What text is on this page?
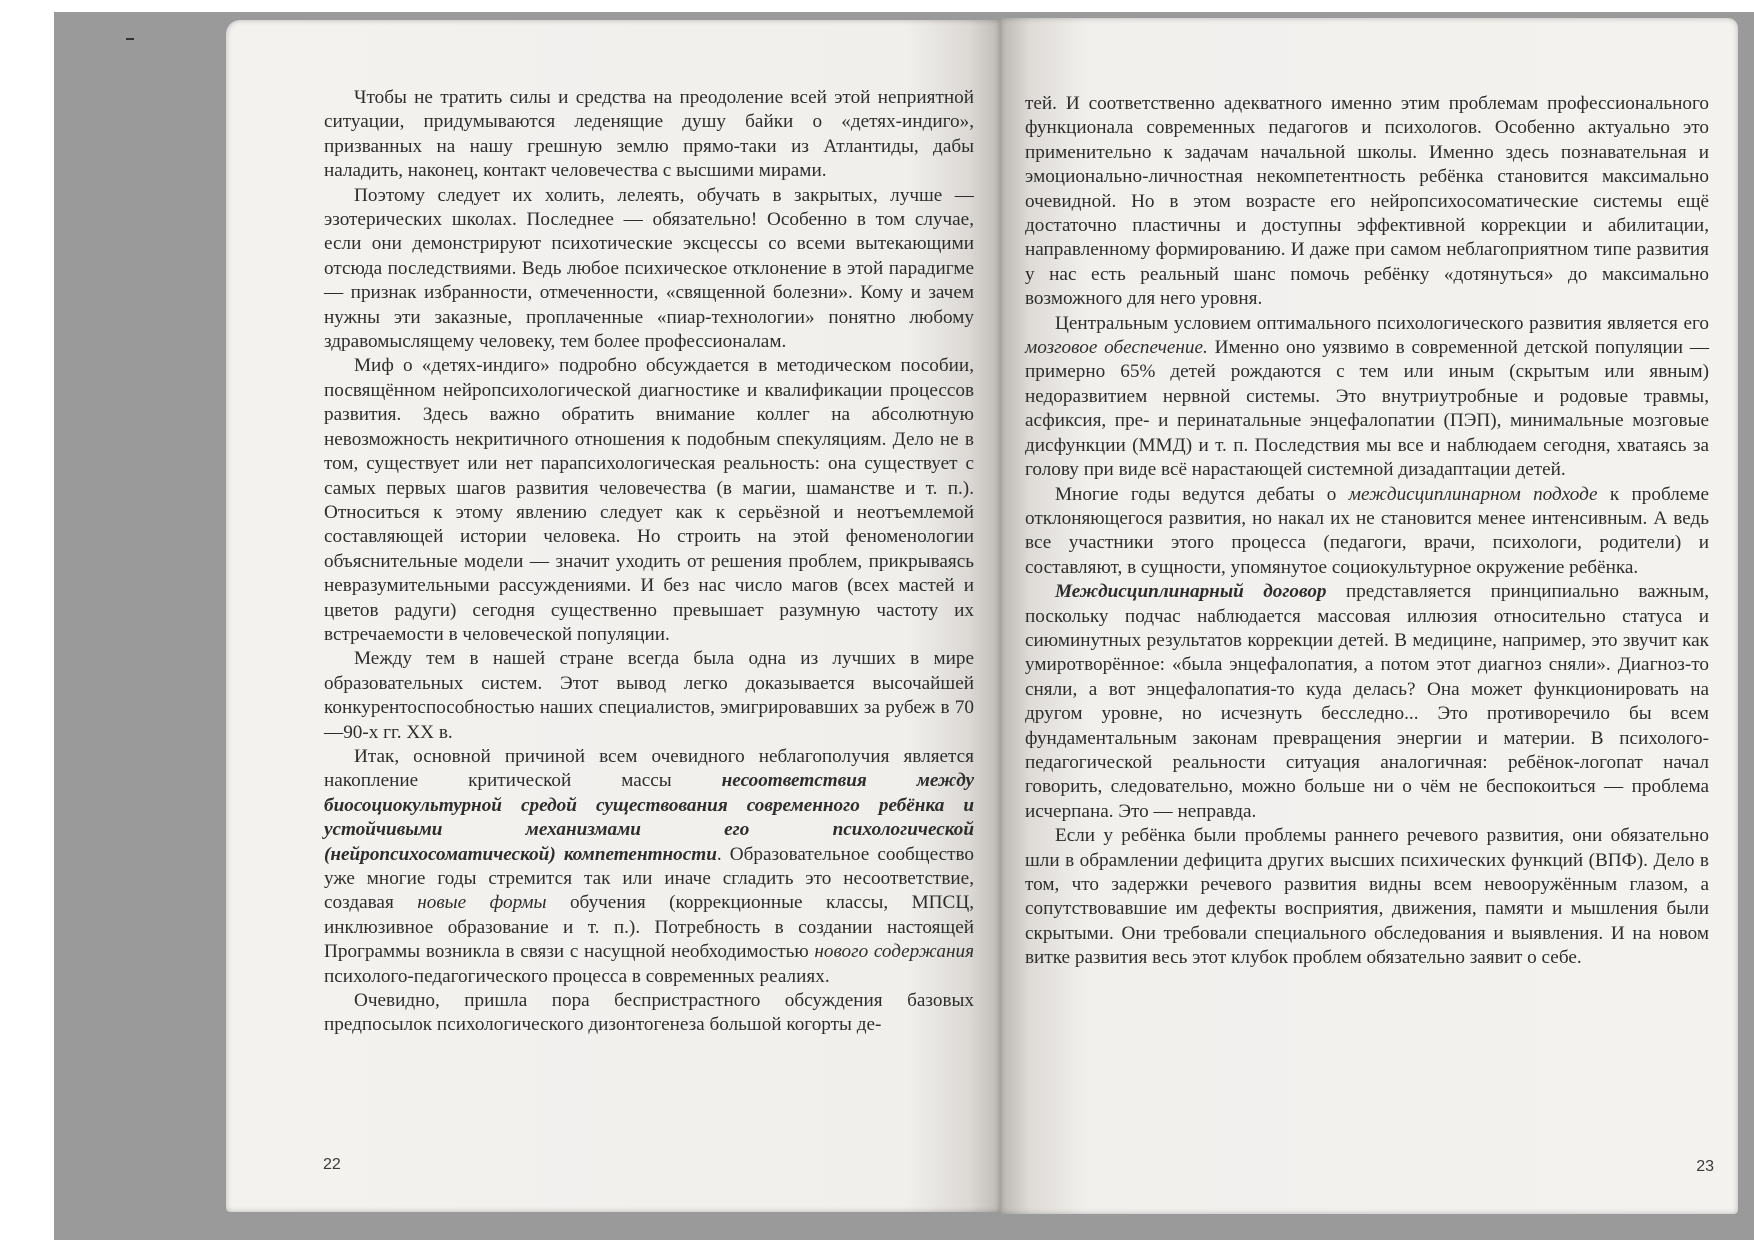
Чтобы не тратить силы и средства на преодоление всей этой неприятной ситуации, придумываются леденящие душу байки о «детях-индиго», призванных на нашу грешную землю прямо-таки из Атлантиды, дабы наладить, наконец, контакт человечества с высшими мирами.

Поэтому следует их холить, лелеять, обучать в закрытых, лучше — эзотерических школах. Последнее — обязательно! Особенно в том случае, если они демонстрируют психотические эксцессы со всеми вытекающими отсюда последствиями. Ведь любое психическое отклонение в этой парадигме — признак избранности, отмеченности, «священной болезни». Кому и зачем нужны эти заказные, проплаченные «пиар-технологии» понятно любому здравомыслящему человеку, тем более профессионалам.

Миф о «детях-индиго» подробно обсуждается в методическом пособии, посвящённом нейропсихологической диагностике и квалификации процессов развития. Здесь важно обратить внимание коллег на абсолютную невозможность некритичного отношения к подобным спекуляциям. Дело не в том, существует или нет парапсихологическая реальность: она существует с самых первых шагов развития человечества (в магии, шаманстве и т. п.). Относиться к этому явлению следует как к серьёзной и неотъемлемой составляющей истории человека. Но строить на этой феноменологии объяснительные модели — значит уходить от решения проблем, прикрываясь невразумительными рассуждениями. И без нас число магов (всех мастей и цветов радуги) сегодня существенно превышает разумную частоту их встречаемости в человеческой популяции.

Между тем в нашей стране всегда была одна из лучших в мире образовательных систем. Этот вывод легко доказывается высочайшей конкурентоспособностью наших специалистов, эмигрировавших за рубеж в 70—90-х гг. XX в.

Итак, основной причиной всем очевидного неблагополучия является накопление критической массы несоответствия между биосоциокультурной средой существования современного ребёнка и устойчивыми механизмами его психологической (нейропсихосоматической) компетентности. Образовательное сообщество уже многие годы стремится так или иначе сгладить это несоответствие, создавая новые формы обучения (коррекционные классы, МПСЦ, инклюзивное образование и т. п.). Потребность в создании настоящей Программы возникла в связи с насущной необходимостью нового содержания психолого-педагогического процесса в современных реалиях.

Очевидно, пришла пора беспристрастного обсуждения базовых предпосылок психологического дизонтогенеза большой когорты де-

22

тей. И соответственно адекватного именно этим проблемам профессионального функционала современных педагогов и психологов. Особенно актуально это применительно к задачам начальной школы. Именно здесь познавательная и эмоционально-личностная некомпетентность ребёнка становится максимально очевидной. Но в этом возрасте его нейропсихосоматические системы ещё достаточно пластичны и доступны эффективной коррекции и абилитации, направленному формированию. И даже при самом неблагоприятном типе развития у нас есть реальный шанс помочь ребёнку «дотянуться» до максимально возможного для него уровня.

Центральным условием оптимального психологического развития является его мозговое обеспечение. Именно оно уязвимо в современной детской популяции — примерно 65% детей рождаются с тем или иным (скрытым или явным) недоразвитием нервной системы. Это внутриутробные и родовые травмы, асфиксия, пре- и перинатальные энцефалопатии (ПЭП), минимальные мозговые дисфункции (ММД) и т. п. Последствия мы все и наблюдаем сегодня, хватаясь за голову при виде всё нарастающей системной дизадаптации детей.

Многие годы ведутся дебаты о междисциплинарном подходе к проблеме отклоняющегося развития, но накал их не становится менее интенсивным. А ведь все участники этого процесса (педагоги, врачи, психологи, родители) и составляют, в сущности, упомянутое социокультурное окружение ребёнка.

Междисциплинарный договор представляется принципиально важным, поскольку подчас наблюдается массовая иллюзия относительно статуса и сиюминутных результатов коррекции детей. В медицине, например, это звучит как умиротворённое: «была энцефалопатия, а потом этот диагноз сняли». Диагноз-то сняли, а вот энцефалопатия-то куда делась? Она может функционировать на другом уровне, но исчезнуть бесследно... Это противоречило бы всем фундаментальным законам превращения энергии и материи. В психолого-педагогической реальности ситуация аналогичная: ребёнок-логопат начал говорить, следовательно, можно больше ни о чём не беспокоиться — проблема исчерпана. Это — неправда.

Если у ребёнка были проблемы раннего речевого развития, они обязательно шли в обрамлении дефицита других высших психических функций (ВПФ). Дело в том, что задержки речевого развития видны всем невооружённым глазом, а сопутствовавшие им дефекты восприятия, движения, памяти и мышления были скрытыми. Они требовали специального обследования и выявления. И на новом витке развития весь этот клубок проблем обязательно заявит о себе.

23
